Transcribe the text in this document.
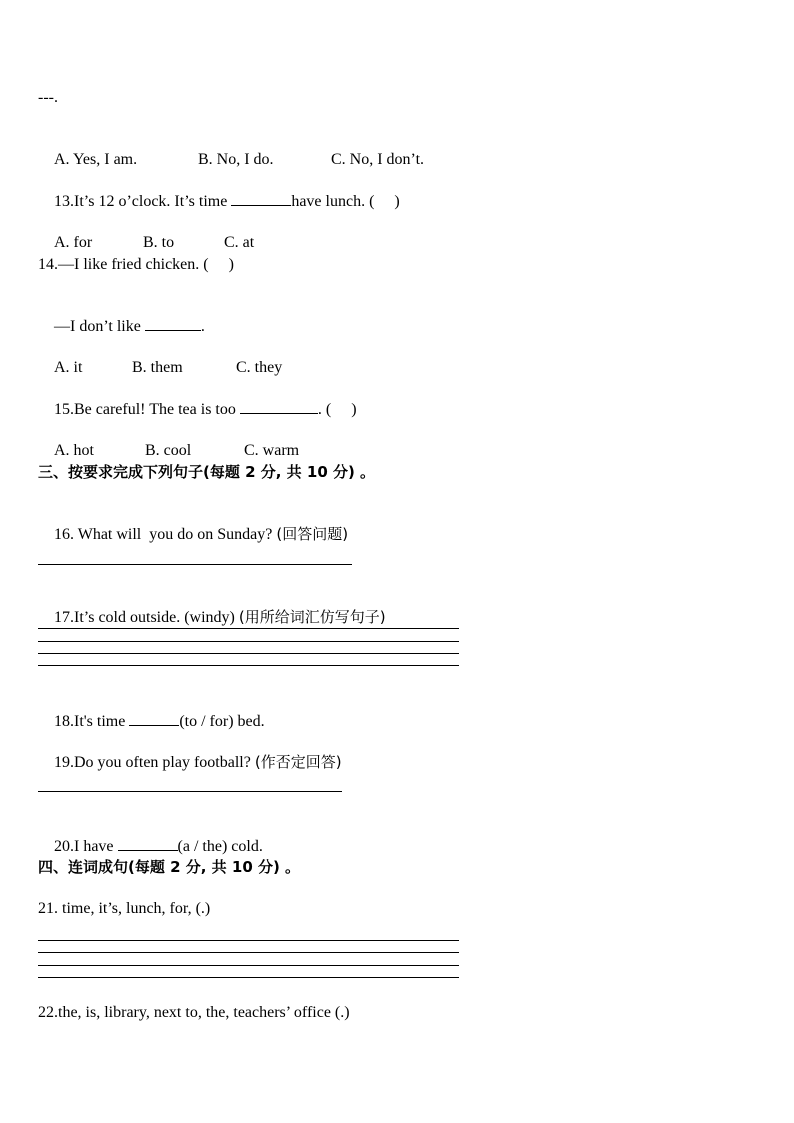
---.

A. Yes, I am.	B. No, I do.	C. No, I don’t.

13.It’s 12 o’clock. It’s time	have lunch. (     )

A. for	B. to	C. at

14.—I like fried chicken. (     )

—I don’t like	.

A. it	B. them	C. they

15.Be careful! The tea is too	. (     )

A. hot	B. cool	C. warm

三、按要求完成下列句子(每题 2 分, 共 10 分) 。

16. What will  you do on Sunday? (回答问题)

17.It’s cold outside. (windy) (用所给词汇仿写句子)

18.It's time	(to / for) bed.

19.Do you often play football? (作否定回答)

20.I have	(a / the) cold.

四、连词成句(每题 2 分, 共 10 分) 。
21. time, it’s, lunch, for, (.)
22.the, is, library, next to, the, teachers’ office (.)
